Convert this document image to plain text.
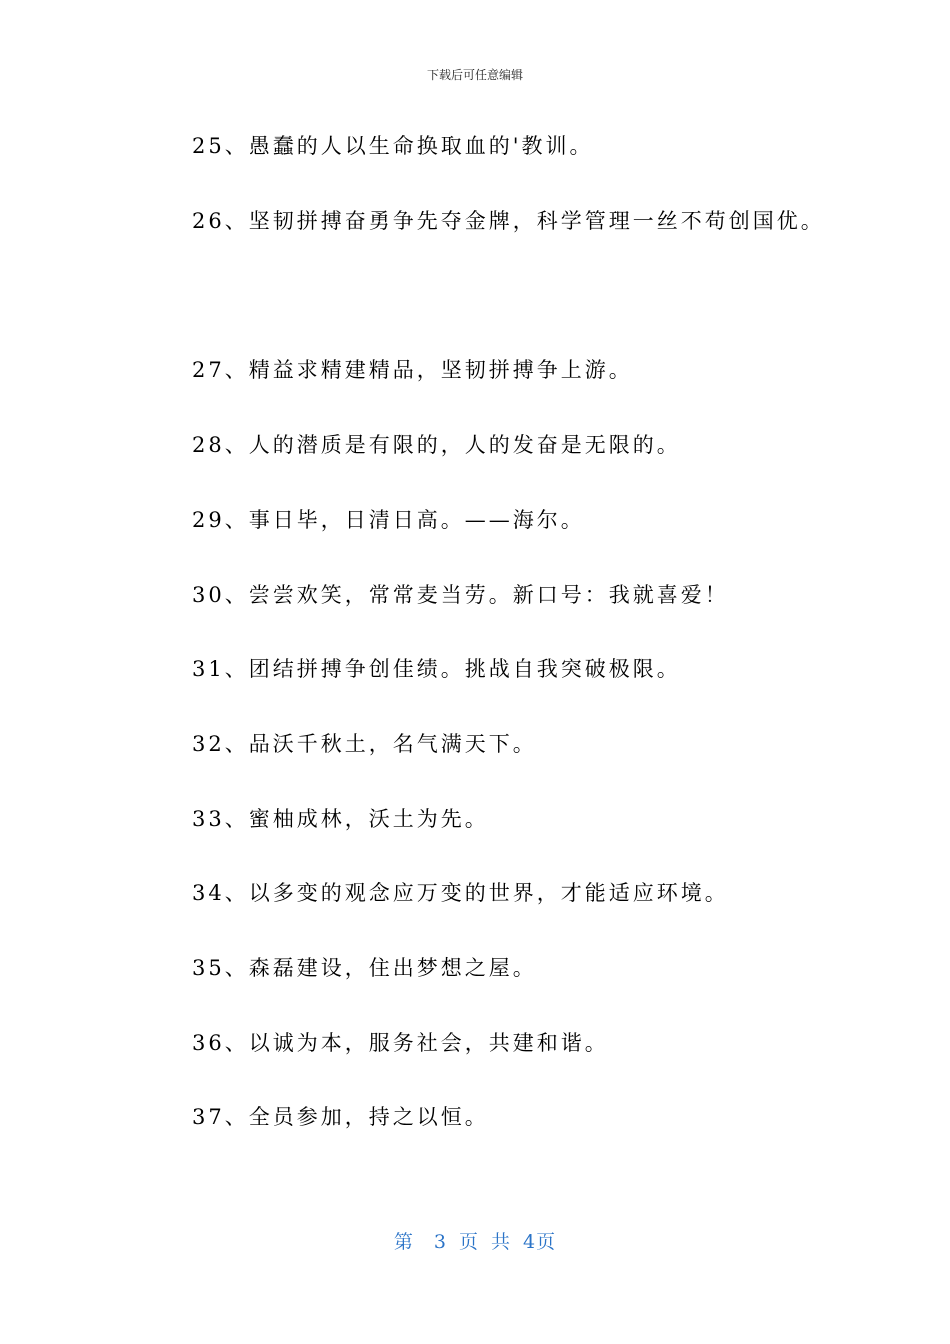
下载后可任意编辑
25、愚蠢的人以生命换取血的'教训。
26、坚韧拼搏奋勇争先夺金牌，科学管理一丝不苟创国优。
27、精益求精建精品，坚韧拼搏争上游。
28、人的潜质是有限的，人的发奋是无限的。
29、事日毕，日清日高。——海尔。
30、尝尝欢笑，常常麦当劳。新口号：我就喜爱！
31、团结拼搏争创佳绩。挑战自我突破极限。
32、品沃千秋土，名气满天下。
33、蜜柚成林，沃土为先。
34、以多变的观念应万变的世界，才能适应环境。
35、森磊建设，住出梦想之屋。
36、以诚为本，服务社会，共建和谐。
37、全员参加，持之以恒。
第 3 页 共 4页
